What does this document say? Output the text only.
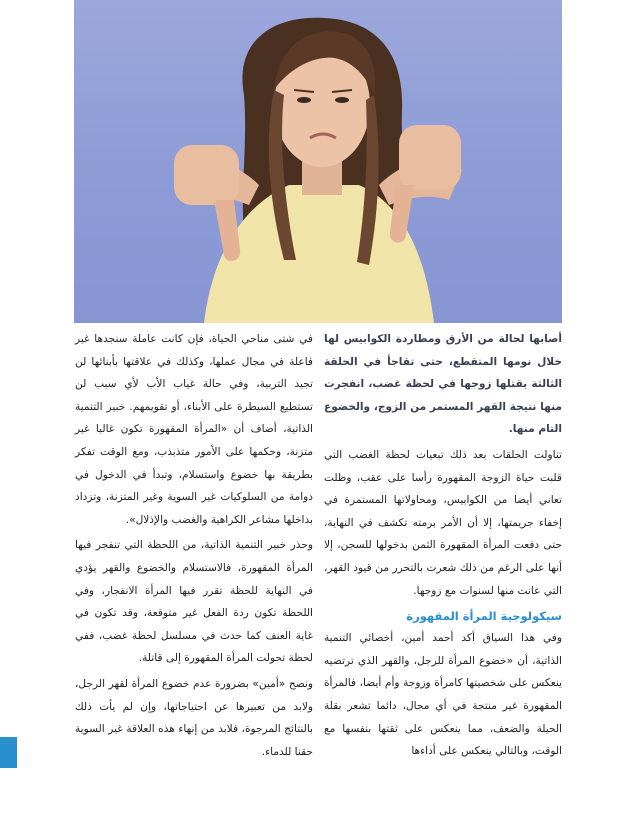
أصابها لحالة من الأرق ومطاردة الكوابيس لها خلال نومها المتقطع، حتى تفاجأ في الحلقة الثالثة بقتلها زوجها في لحظة غضب، انفجرت منها نتيجة القهر المستمر من الزوج، والخضوع التام منها.

تناولت الحلقات بعد ذلك تبعيات لحظة الغضب التي قلبت حياة الزوجة المقهورة رأسا على عقب، وظلت تعاني أيضا من الكوابيس، ومحاولاتها المستمرة في إخفاء جريمتها، إلا أن الأمر برمته تكشف في النهاية، حتى دفعت المرأة المقهورة الثمن بدخولها للسجن، إلا أنها على الرغم من ذلك شعرت بالتحرر من قيود القهر، التي عانت منها لسنوات مع زوجها.

سيكولوجية المرأة المقهورة

وفي هذا السياق أكد أحمد أمين، أخصائي التنمية الذاتية، أن «خضوع المرأة للرجل، والقهر الذي ترتضيه ينعكس على شخصيتها كامرأة وزوجة وأم أيضا، فالمرأة المقهورة غير منتجة في أي مجال، دائما تشعر بقلة الحيلة والضعف، مما ينعكس على ثقتها بنفسها مع الوقت، وبالتالي ينعكس على أداءها

في شتى مناحي الحياة، فإن كانت عاملة سنجدها غير فاعلة في مجال عملها، وكذلك في علاقتها بأبنائها لن تجيد التربية، وفي حالة غياب الأب لأي سبب لن تستطيع السيطرة على الأبناء، أو تقويمهم. خبير التنمية الذاتية، أضاف أن «المرأة المقهورة تكون غالبا غير متزنة، وحكمها على الأمور متذبذب، ومع الوقت تفكر بطريقة بها خضوع واستسلام، وتبدأ في الدخول في دوامة من السلوكيات غير السوية وغير المتزنة، وتزداد بداخلها مشاعر الكراهية والغضب والإذلال».

وحذر خبير التنمية الذاتية، من اللحظة التي تنفجر فيها المرأة المقهورة، فالاستسلام والخضوع والقهر يؤدي في النهاية للحظة تقرر فيها المرأة الانفجار، وفي اللحظة تكون ردة الفعل غير متوقعة، وقد تكون في غاية العنف كما حدث في مسلسل لحظة غضب، ففي لحظة تحولت المرأة المقهورة إلى قاتلة.

ونصح «أمين» بضرورة عدم خضوع المرأة لقهر الرجل، ولابد من تعبيرها عن احتياجاتها، وإن لم يأت ذلك بالنتائج المرجوة، فلابد من إنهاء هذه العلاقة غير السوية حقنا للدماء.
